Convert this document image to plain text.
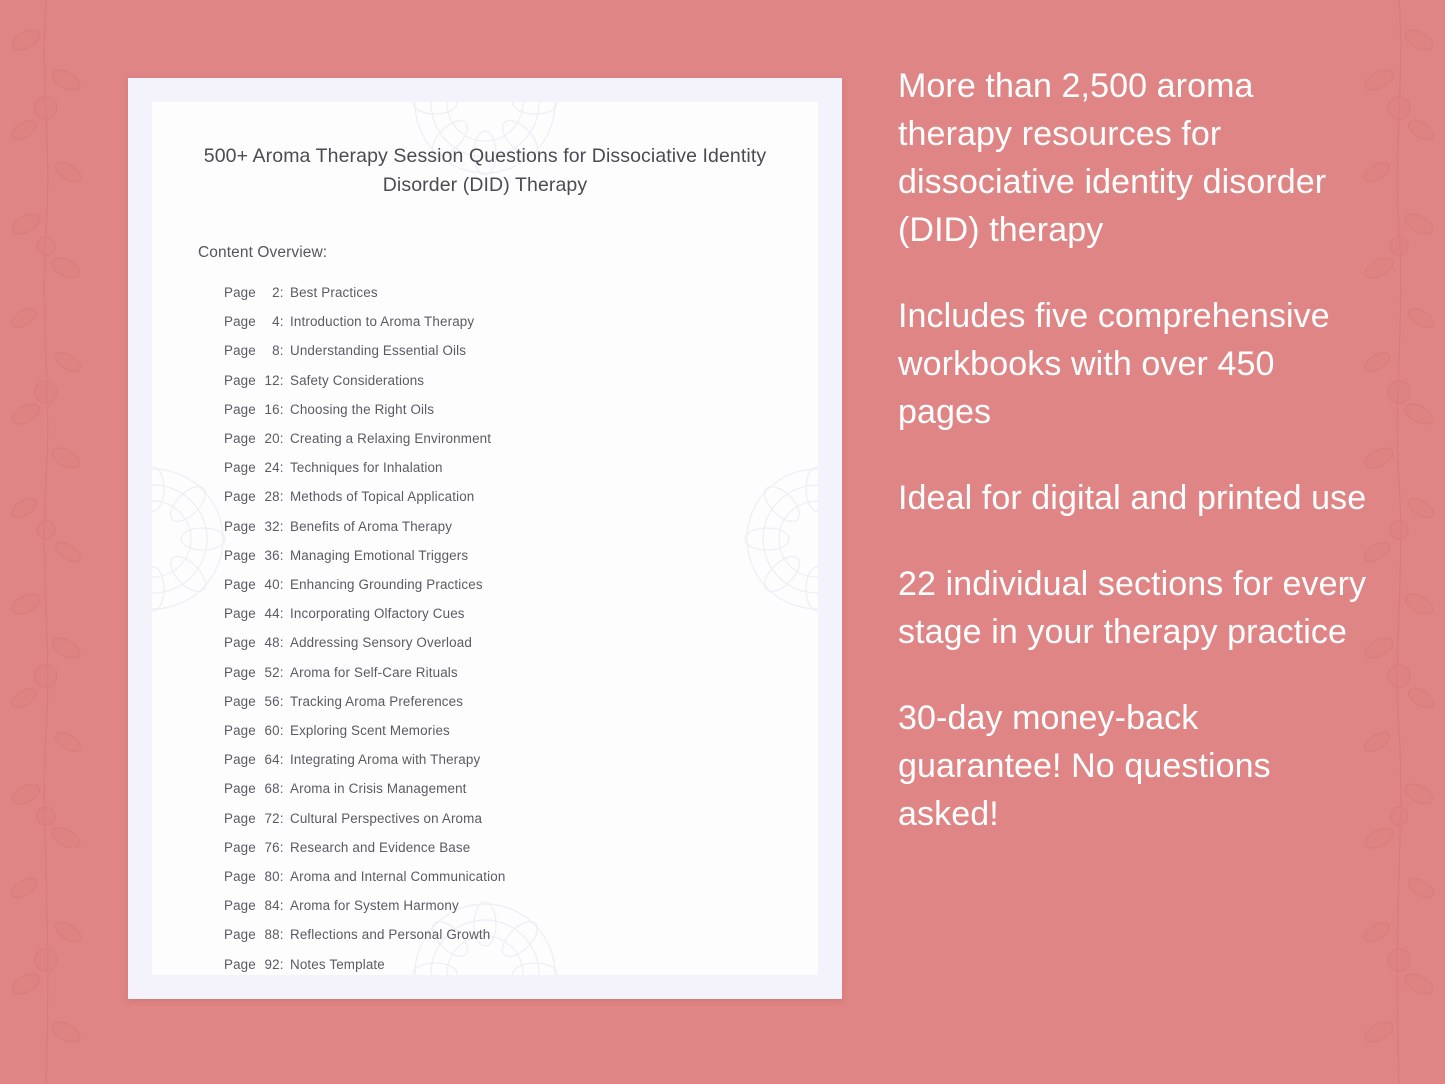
500+ Aroma Therapy Session Questions for Dissociative Identity Disorder (DID) Therapy
Content Overview:
Page 2: Best Practices
Page 4: Introduction to Aroma Therapy
Page 8: Understanding Essential Oils
Page 12: Safety Considerations
Page 16: Choosing the Right Oils
Page 20: Creating a Relaxing Environment
Page 24: Techniques for Inhalation
Page 28: Methods of Topical Application
Page 32: Benefits of Aroma Therapy
Page 36: Managing Emotional Triggers
Page 40: Enhancing Grounding Practices
Page 44: Incorporating Olfactory Cues
Page 48: Addressing Sensory Overload
Page 52: Aroma for Self-Care Rituals
Page 56: Tracking Aroma Preferences
Page 60: Exploring Scent Memories
Page 64: Integrating Aroma with Therapy
Page 68: Aroma in Crisis Management
Page 72: Cultural Perspectives on Aroma
Page 76: Research and Evidence Base
Page 80: Aroma and Internal Communication
Page 84: Aroma for System Harmony
Page 88: Reflections and Personal Growth
Page 92: Notes Template
More than 2,500 aroma therapy resources for dissociative identity disorder (DID) therapy
Includes five comprehensive workbooks with over 450 pages
Ideal for digital and printed use
22 individual sections for every stage in your therapy practice
30-day money-back guarantee! No questions asked!
